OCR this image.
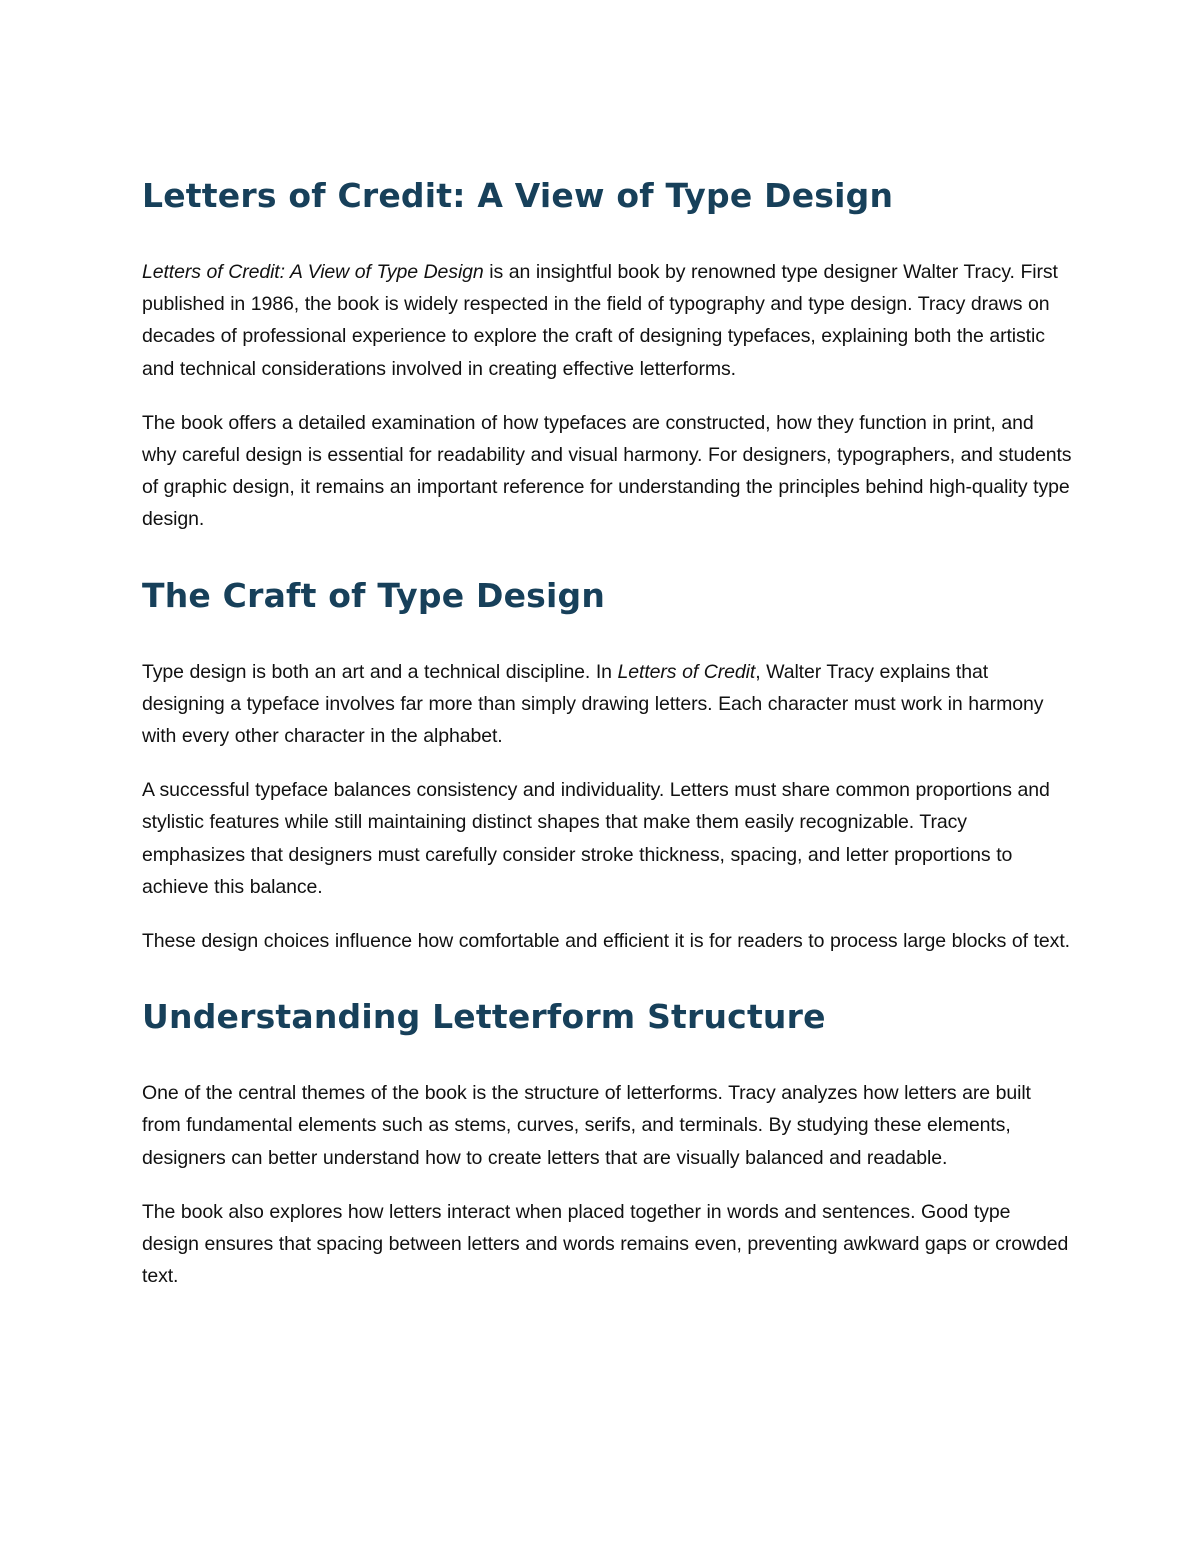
Letters of Credit: A View of Type Design

Letters of Credit: A View of Type Design is an insightful book by renowned type designer Walter Tracy. First published in 1986, the book is widely respected in the field of typography and type design. Tracy draws on decades of professional experience to explore the craft of designing typefaces, explaining both the artistic and technical considerations involved in creating effective letterforms.

The book offers a detailed examination of how typefaces are constructed, how they function in print, and why careful design is essential for readability and visual harmony. For designers, typographers, and students of graphic design, it remains an important reference for understanding the principles behind high-quality type design.

The Craft of Type Design

Type design is both an art and a technical discipline. In Letters of Credit, Walter Tracy explains that designing a typeface involves far more than simply drawing letters. Each character must work in harmony with every other character in the alphabet.

A successful typeface balances consistency and individuality. Letters must share common proportions and stylistic features while still maintaining distinct shapes that make them easily recognizable. Tracy emphasizes that designers must carefully consider stroke thickness, spacing, and letter proportions to achieve this balance.

These design choices influence how comfortable and efficient it is for readers to process large blocks of text.

Understanding Letterform Structure

One of the central themes of the book is the structure of letterforms. Tracy analyzes how letters are built from fundamental elements such as stems, curves, serifs, and terminals. By studying these elements, designers can better understand how to create letters that are visually balanced and readable.

The book also explores how letters interact when placed together in words and sentences. Good type design ensures that spacing between letters and words remains even, preventing awkward gaps or crowded text.
